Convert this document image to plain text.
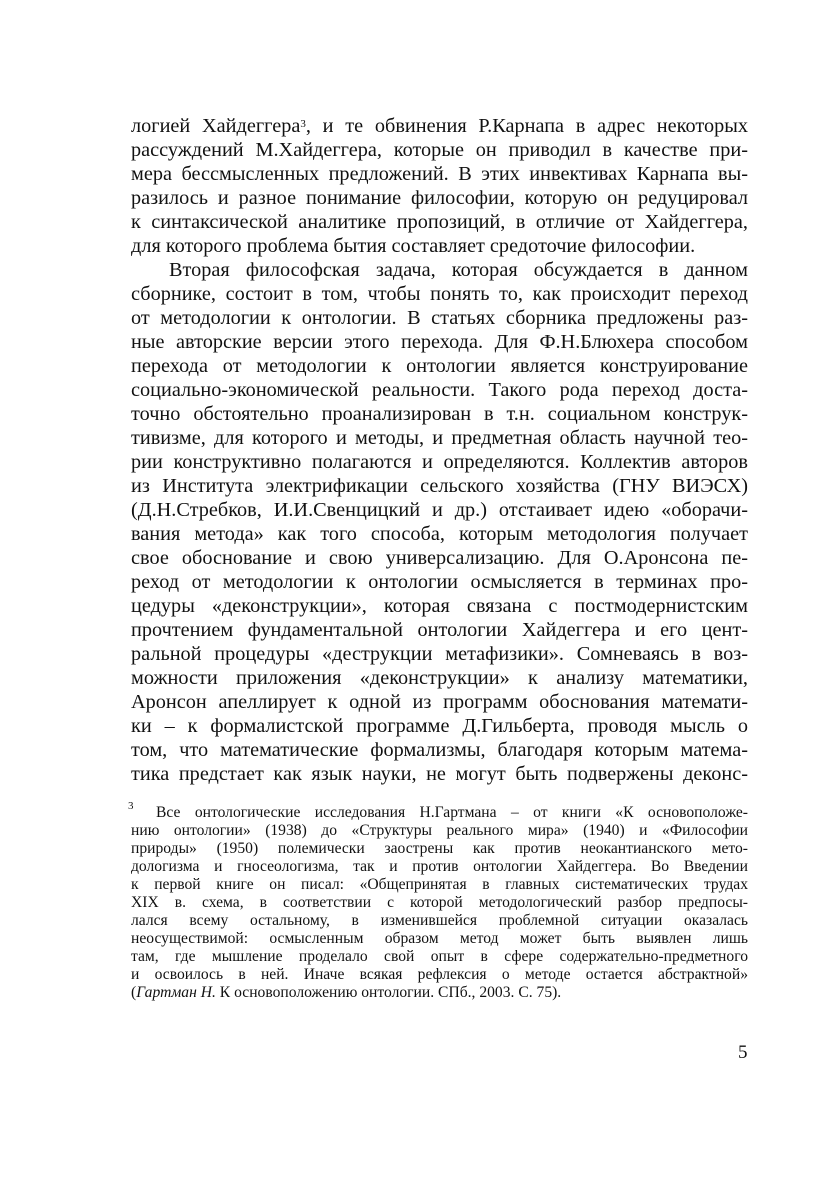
логией Хайдеггера$^3$, и те обвинения Р.Карнапа в адрес некоторых
рассуждений М.Хайдеггера, которые он приводил в качестве при-
мера бессмысленных предложений. В этих инвективах Карнапа вы-
разилось и разное понимание философии, которую он редуцировал
к синтаксической аналитике пропозиций, в отличие от Хайдеггера,
для которого проблема бытия составляет средоточие философии.
Вторая философская задача, которая обсуждается в данном
сборнике, состоит в том, чтобы понять то, как происходит переход
от методологии к онтологии. В статьях сборника предложены раз-
ные авторские версии этого перехода. Для Ф.Н.Блюхера способом
перехода от методологии к онтологии является конструирование
социально-экономической реальности. Такого рода переход доста-
точно обстоятельно проанализирован в т.н. социальном конструк-
тивизме, для которого и методы, и предметная область научной тео-
рии конструктивно полагаются и определяются. Коллектив авторов
из Института электрификации сельского хозяйства (ГНУ ВИЭСХ)
(Д.Н.Стребков, И.И.Свенцицкий и др.) отстаивает идею «оборачи-
вания метода» как того способа, которым методология получает
свое обоснование и свою универсализацию. Для О.Аронсона пе-
реход от методологии к онтологии осмысляется в терминах про-
цедуры «деконструкции», которая связана с постмодернистским
прочтением фундаментальной онтологии Хайдеггера и его цент-
ральной процедуры «деструкции метафизики». Сомневаясь в воз-
можности приложения «деконструкции» к анализу математики,
Аронсон апеллирует к одной из программ обоснования математи-
ки – к формалистской программе Д.Гильберта, проводя мысль о
том, что математические формализмы, благодаря которым матема-
тика предстает как язык науки, не могут быть подвержены деконс-
3 Все онтологические исследования Н.Гартмана – от книги «К основоположе-
нию онтологии» (1938) до «Структуры реального мира» (1940) и «Философии
природы» (1950) полемически заострены как против неокантианского мето-
дологизма и гносеологизма, так и против онтологии Хайдеггера. Во Введении
к первой книге он писал: «Общепринятая в главных систематических трудах
XIX в. схема, в соответствии с которой методологический разбор предпосы-
лался всему остальному, в изменившейся проблемной ситуации оказалась
неосуществимой: осмысленным образом метод может быть выявлен лишь
там, где мышление проделало свой опыт в сфере содержательно-предметного
и освоилось в ней. Иначе всякая рефлексия о методе остается абстрактной»
(Гартман Н. К основоположению онтологии. СПб., 2003. С. 75).
5
